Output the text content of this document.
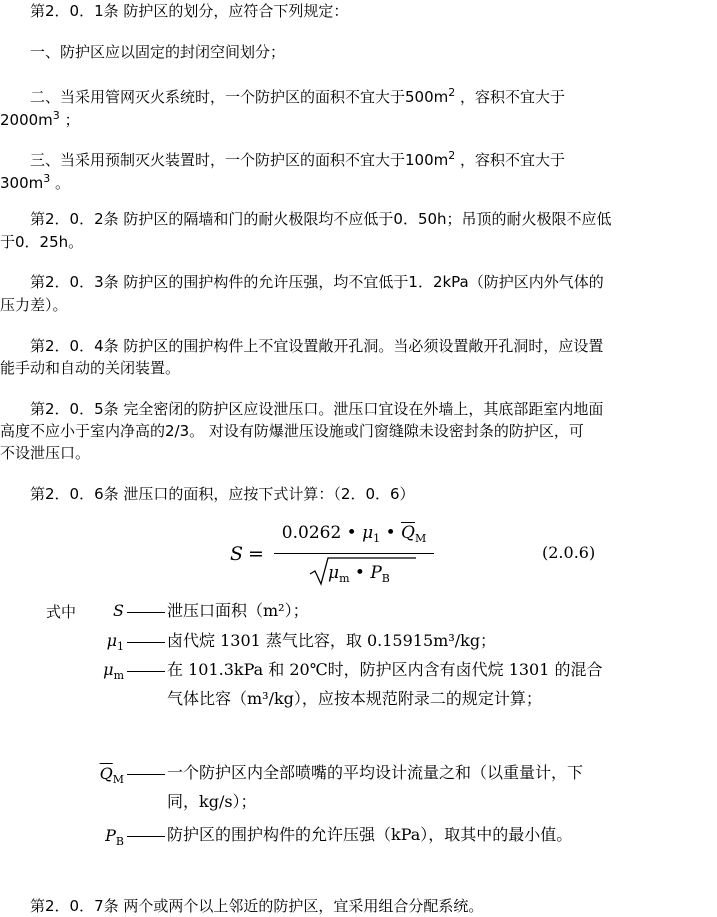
第2．0．1条 防护区的划分，应符合下列规定：
一、防护区应以固定的封闭空间划分；
二、当采用管网灭火系统时，一个防护区的面积不宜大于$500m^2$ ，容积不宜大于
$2000m^3$ ；
三、当采用预制灭火装置时，一个防护区的面积不宜大于$100m^2$ ，容积不宜大于
$300m^3$ 。
第2．0．2条 防护区的隔墙和门的耐火极限均不应低于0．50h；吊顶的耐火极限不应低
于0．25h。
第2．0．3条 防护区的围护构件的允许压强，均不宜低于1．2kPa（防护区内外气体的
压力差）。
第2．0．4条 防护区的围护构件上不宜设置敞开孔洞。当必须设置敞开孔洞时，应设置
能手动和自动的关闭装置。
第2．0．5条 完全密闭的防护区应设泄压口。泄压口宜设在外墙上，其底部距室内地面
高度不应小于室内净高的2/3。 对设有防爆泄压设施或门窗缝隙未设密封条的防护区，可
不设泄压口。
第2．0．6条 泄压口的面积，应按下式计算：（2．0．6）
S =
0.0262 • $\mu_1$ • $\overline{Q}_M$
$\mu_m$ • $P_B$
(2.0.6)
式中	S	泄压口面积（m²）；
$\mu_1$	卤代烷 1301 蒸气比容，取 0.15915m³/kg；
$\mu_m$	在 101.3kPa 和 20℃时，防护区内含有卤代烷 1301 的混合气体比容（m³/kg），应按本规范附录二的规定计算；
$\overline{Q}_M$	一个防护区内全部喷嘴的平均设计流量之和（以重量计，下同，kg/s）；
$P_B$	防护区的围护构件的允许压强（kPa），取其中的最小值。
第2．0．7条 两个或两个以上邻近的防护区，宜采用组合分配系统。
